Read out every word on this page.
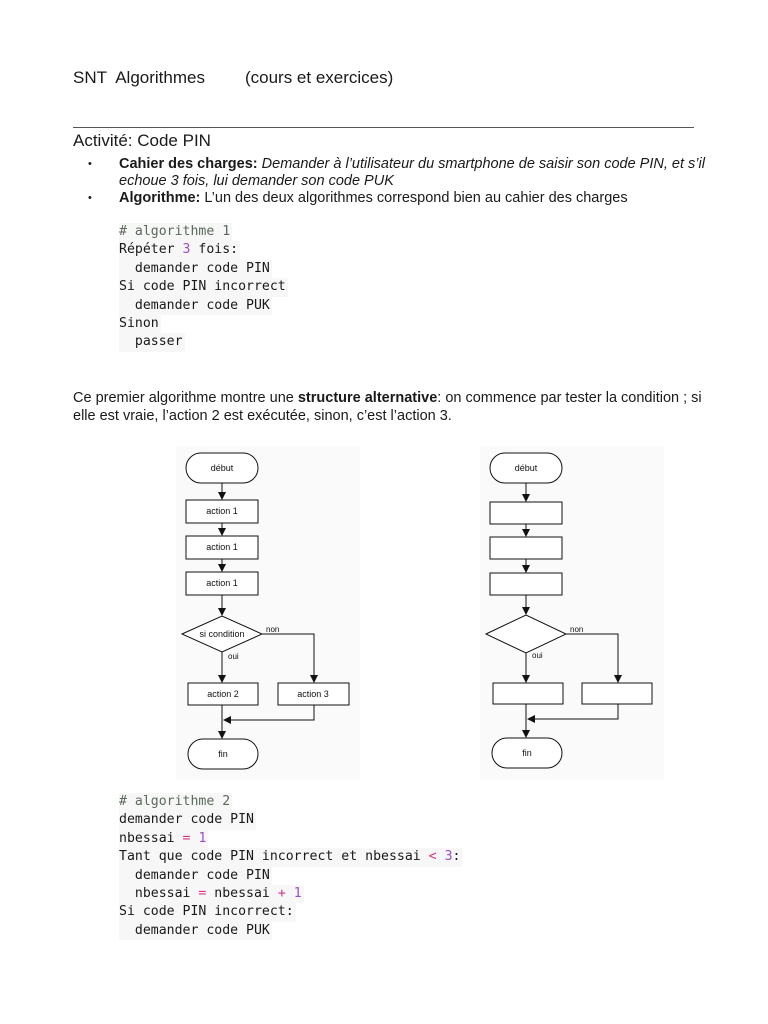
SNT  Algorithmes (cours et exercices)
Activité: Code PIN
• Cahier des charges: Demander à l’utilisateur du smartphone de saisir son code PIN, et s’il echoue 3 fois, lui demander son code PUK
• Algorithme: L’un des deux algorithmes correspond bien au cahier des charges
# algorithme 1
Répéter 3 fois:
demander code PIN
Si code PIN incorrect
demander code PUK
Sinon
passer
Ce premier algorithme montre une structure alternative: on commence par tester la condition ; si elle est vraie, l’action 2 est exécutée, sinon, c’est l’action 3.
début
action 1
action 1
action 1
si condition
action 2	action 3
fin
non
oui
début
fin
non
oui
# algorithme 2
demander code PIN
nbessai = 1
Tant que code PIN incorrect et nbessai < 3:
demander code PIN
nbessai = nbessai + 1
Si code PIN incorrect:
demander code PUK
